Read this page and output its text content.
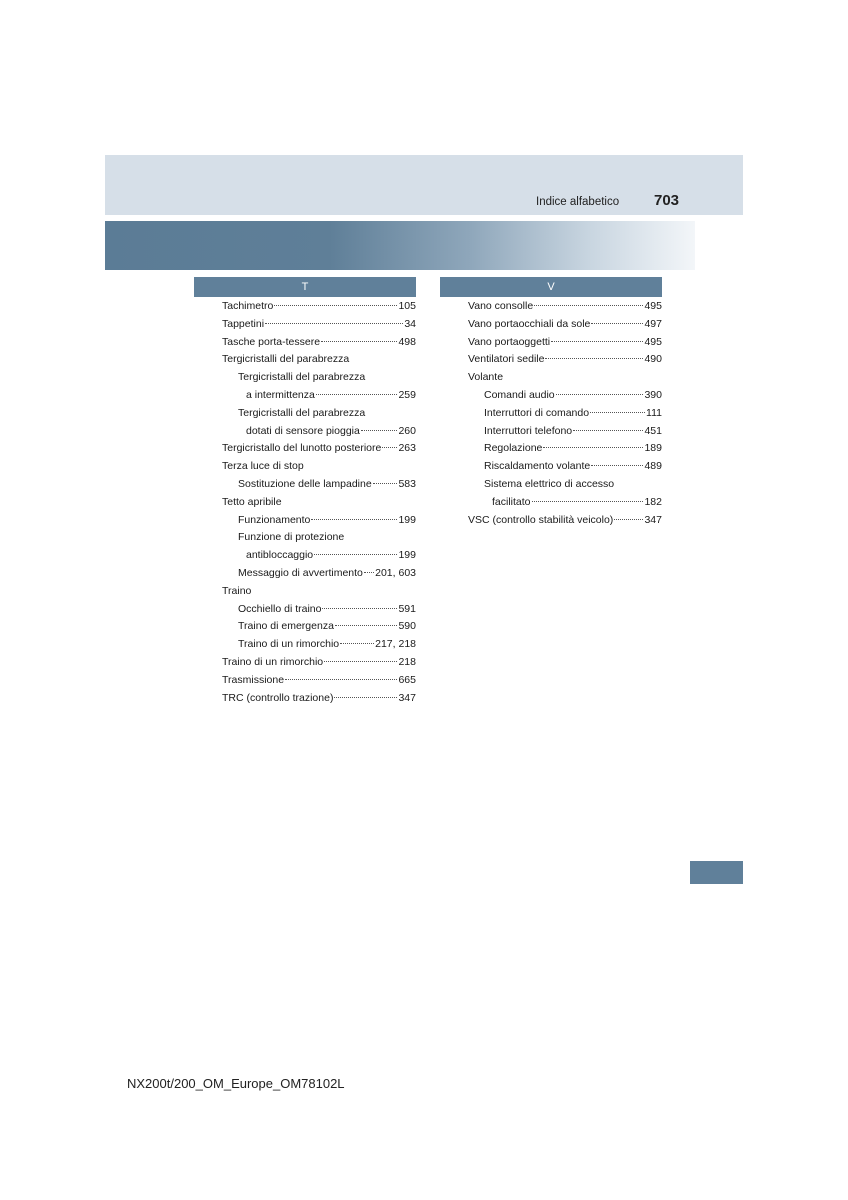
Indice alfabetico 703
T
Tachimetro	105
Tappetini	34
Tasche porta-tessere	498
Tergicristalli del parabrezza
Tergicristalli del parabrezza
a intermittenza	259
Tergicristalli del parabrezza
dotati di sensore pioggia	260
Tergicristallo del lunotto posteriore 263
Terza luce di stop
Sostituzione delle lampadine	583
Tetto apribile
Funzionamento	199
Funzione di protezione
antibloccaggio	199
Messaggio di avvertimento 201, 603
Traino
Occhiello di traino	591
Traino di emergenza	590
Traino di un rimorchio	217, 218
Traino di un rimorchio	218
Trasmissione	665
TRC (controllo trazione)	347
V
Vano consolle	495
Vano portaocchiali da sole	497
Vano portaoggetti	495
Ventilatori sedile	490
Volante
Comandi audio	390
Interruttori di comando	111
Interruttori telefono	451
Regolazione	189
Riscaldamento volante	489
Sistema elettrico di accesso
facilitato	182
VSC (controllo stabilità veicolo)	347
NX200t/200_OM_Europe_OM78102L
